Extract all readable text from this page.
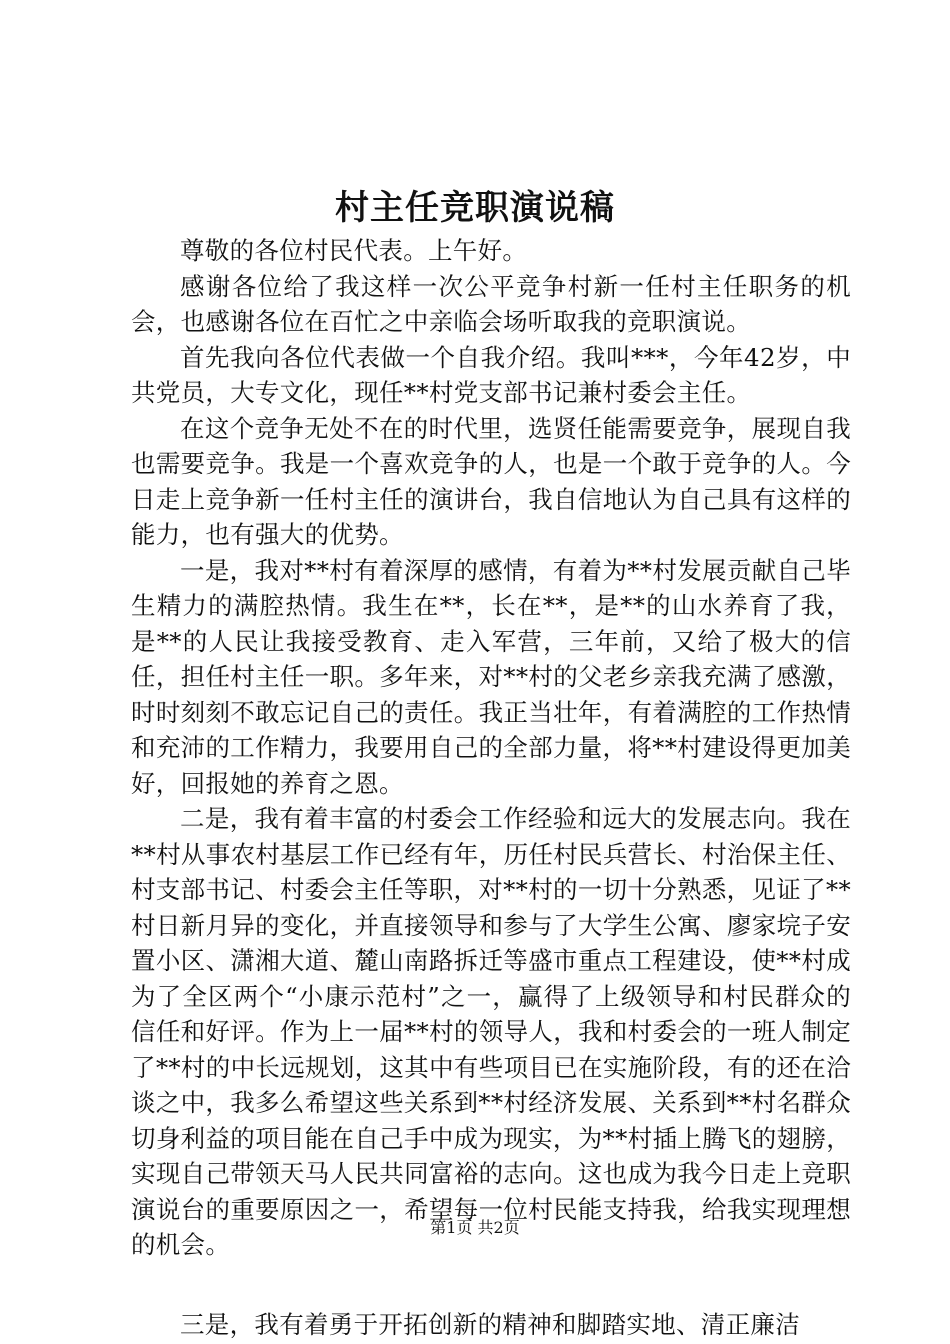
村主任竞职演说稿

尊敬的各位村民代表。上午好。

感谢各位给了我这样一次公平竞争村新一任村主任职务的机会，也感谢各位在百忙之中亲临会场听取我的竞职演说。

首先我向各位代表做一个自我介绍。我叫***，今年42岁，中共党员，大专文化，现任**村党支部书记兼村委会主任。

在这个竞争无处不在的时代里，选贤任能需要竞争，展现自我也需要竞争。我是一个喜欢竞争的人，也是一个敢于竞争的人。今日走上竞争新一任村主任的演讲台，我自信地认为自己具有这样的能力，也有强大的优势。

一是，我对**村有着深厚的感情，有着为**村发展贡献自己毕生精力的满腔热情。我生在**，长在**，是**的山水养育了我，是**的人民让我接受教育、走入军营，三年前，又给了极大的信任，担任村主任一职。多年来，对**村的父老乡亲我充满了感激，时时刻刻不敢忘记自己的责任。我正当壮年，有着满腔的工作热情和充沛的工作精力，我要用自己的全部力量，将**村建设得更加美好，回报她的养育之恩。

二是，我有着丰富的村委会工作经验和远大的发展志向。我在**村从事农村基层工作已经有年，历任村民兵营长、村治保主任、村支部书记、村委会主任等职，对**村的一切十分熟悉，见证了**村日新月异的变化，并直接领导和参与了大学生公寓、廖家垸子安置小区、潇湘大道、麓山南路拆迁等盛市重点工程建设，使**村成为了全区两个“小康示范村”之一，赢得了上级领导和村民群众的信任和好评。作为上一届**村的领导人，我和村委会的一班人制定了**村的中长远规划，这其中有些项目已在实施阶段，有的还在洽谈之中，我多么希望这些关系到**村经济发展、关系到**村名群众切身利益的项目能在自己手中成为现实，为**村插上腾飞的翅膀，实现自己带领天马人民共同富裕的志向。这也成为我今日走上竞职演说台的重要原因之一，希望每一位村民能支持我，给我实现理想的机会。

三是，我有着勇于开拓创新的精神和脚踏实地、清正廉洁

第1页 共2页
